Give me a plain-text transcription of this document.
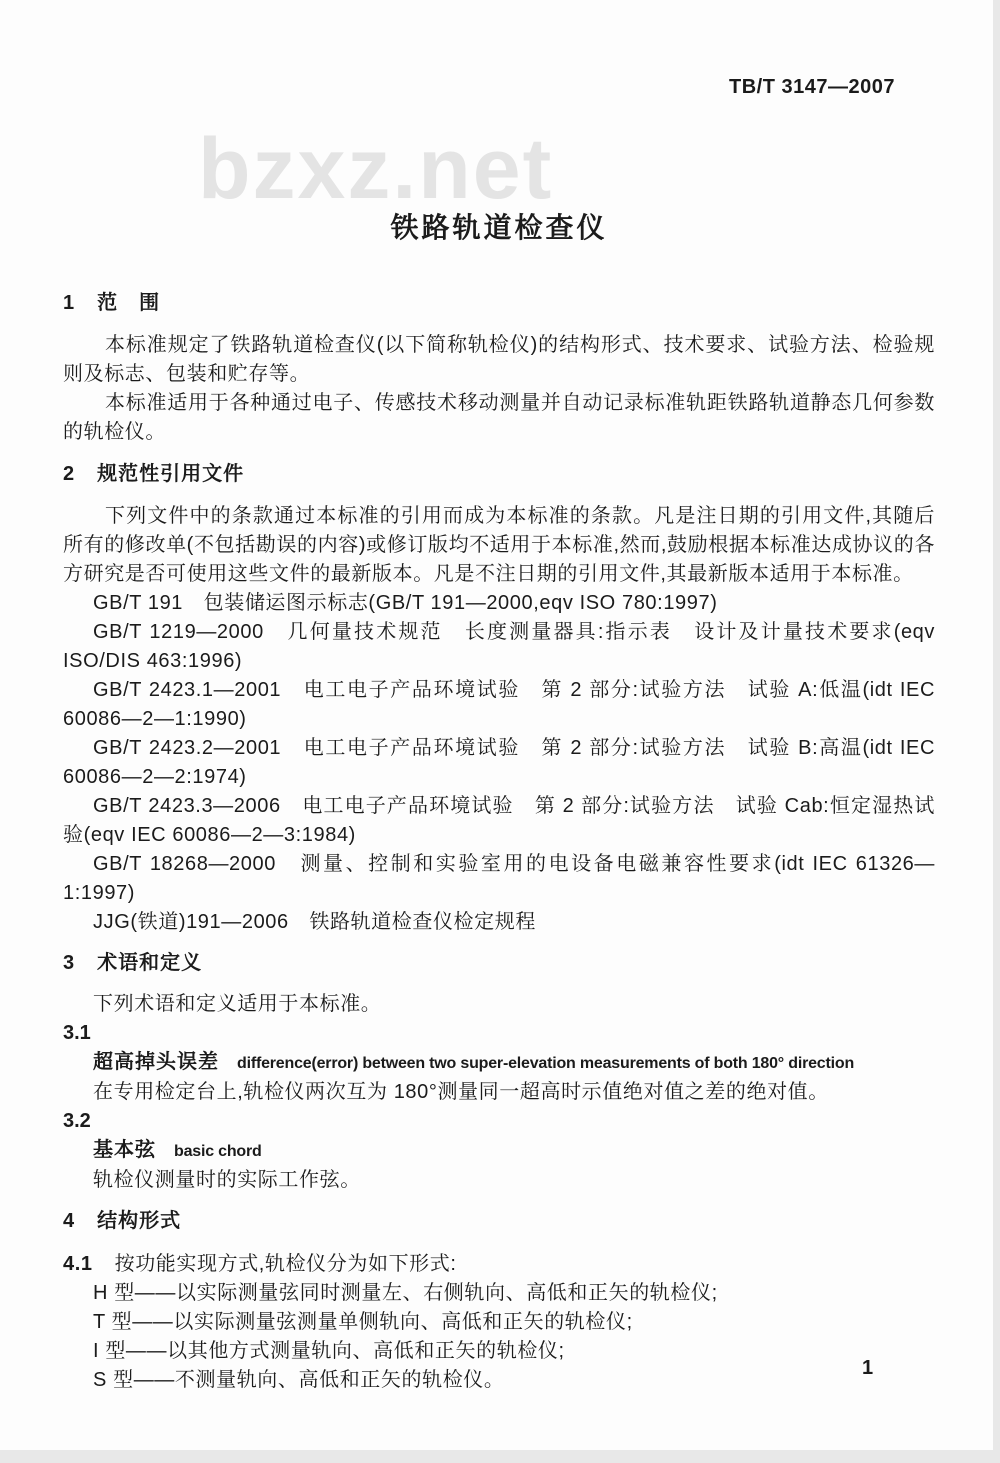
bzxz.net
TB/T 3147—2007
铁路轨道检查仪
1 范　围

本标准规定了铁路轨道检查仪(以下简称轨检仪)的结构形式、技术要求、试验方法、检验规则及标志、包装和贮存等。

本标准适用于各种通过电子、传感技术移动测量并自动记录标准轨距铁路轨道静态几何参数的轨检仪。

2 规范性引用文件

下列文件中的条款通过本标准的引用而成为本标准的条款。凡是注日期的引用文件,其随后所有的修改单(不包括勘误的内容)或修订版均不适用于本标准,然而,鼓励根据本标准达成协议的各方研究是否可使用这些文件的最新版本。凡是不注日期的引用文件,其最新版本适用于本标准。

GB/T 191　包装储运图示标志(GB/T 191—2000,eqv ISO 780:1997)

GB/T 1219—2000　几何量技术规范　长度测量器具:指示表　设计及计量技术要求(eqv ISO/DIS 463:1996)

GB/T 2423.1—2001　电工电子产品环境试验　第 2 部分:试验方法　试验 A:低温(idt IEC 60086—2—1:1990)

GB/T 2423.2—2001　电工电子产品环境试验　第 2 部分:试验方法　试验 B:高温(idt IEC 60086—2—2:1974)

GB/T 2423.3—2006　电工电子产品环境试验　第 2 部分:试验方法　试验 Cab:恒定湿热试验(eqv IEC 60086—2—3:1984)

GB/T 18268—2000　测量、控制和实验室用的电设备电磁兼容性要求(idt IEC 61326—1:1997)

JJG(铁道)191—2006　铁路轨道检查仪检定规程

3 术语和定义

下列术语和定义适用于本标准。

3.1

超高掉头误差 difference(error) between two super-elevation measurements of both 180° direction

在专用检定台上,轨检仪两次互为 180°测量同一超高时示值绝对值之差的绝对值。

3.2

基本弦 basic chord

轨检仪测量时的实际工作弦。

4 结构形式

4.1 按功能实现方式,轨检仪分为如下形式:

H 型——以实际测量弦同时测量左、右侧轨向、高低和正矢的轨检仪;

T 型——以实际测量弦测量单侧轨向、高低和正矢的轨检仪;

I 型——以其他方式测量轨向、高低和正矢的轨检仪;

S 型——不测量轨向、高低和正矢的轨检仪。

1
